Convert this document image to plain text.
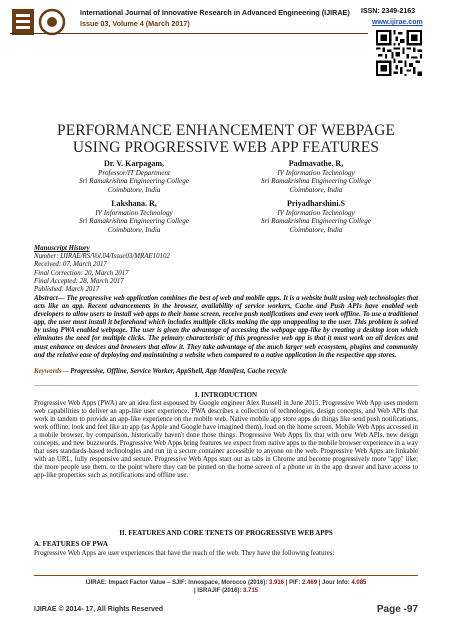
International Journal of Innovative Research in Advanced Engineering (IJIRAE)
Issue 03, Volume 4 (March 2017)
ISSN: 2349-2163
www.ijirae.com
PERFORMANCE ENHANCEMENT OF WEBPAGE
USING PROGRESSIVE WEB APP FEATURES
Dr. V. Karpagam,
Professor/IT Department
Sri Ramakrishna Engineering College
Coimbatore, India
Padmavathe. R,
IV Information Technology
Sri Ramakrishna Engineering College
Coimbatore, India
Lakshana. R,
IV Information Technology
Sri Ramakrishna Engineering College
Coimbatore, India
Priyadharshini.S
IV Information Technology
Sri Ramakrishna Engineering College
Coimbatore, India
Manuscript History
Number: IJIRAE/RS/Vol.04/Issue03/MRAE10102
Received: 07, March 2017
Final Correction: 20, March 2017
Final Accepted: 28, March 2017
Published: March 2017
Abstract— The progressive web application combines the best of web and mobile apps. It is a website built using web technologies that acts like an app. Recent advancements in the browser, availability of service workers, Cache and Push APIs have enabled web developers to allow users to install web apps to their home screen, receive push notifications and even work offline. To use a traditional app, the user must install it beforehand which includes multiple clicks making the app unappealing to the user. This problem is solved by using PWA enabled webpage. The user is given the advantage of accessing the webpage app-like by creating a desktop icon which eliminates the need for multiple clicks. The primary characteristic of this progressive web app is that it must work on all devices and must enhance on devices and browsers that allow it. They take advantage of the much larger web ecosystem, plugins and community and the relative ease of deploying and maintaining a website when compared to a native application in the respective app stores.
Keywords— Progressive, Offline, Service Worker, AppShell, App Manifest, Cache recycle
I. INTRODUCTION
Progressive Web Apps (PWA) are an idea first espoused by Google engineer Alex Russell in June 2015. Progressive Web App uses modern web capabilities to deliver an app-like user experience. PWA describes a collection of technologies, design concepts, and Web APIs that work in tandem to provide an app-like experience on the mobile web. Native mobile app store apps do things like send push notifications, work offline, look and feel like an app (as Apple and Google have imagined them), load on the home screen. Mobile Web Apps accessed in a mobile browser, by comparison, historically haven't done those things. Progressive Web Apps fix that with new Web APIs, new design concepts, and new buzzwords. Progressive Web Apps bring features we expect from native apps to the mobile browser experience in a way that uses standards-based technologies and run in a secure container accessible to anyone on the web. Progressive Web Apps are linkable with an URL, fully responsive and secure. Progressive Web Apps start out as tabs in Chrome and become progressively more "app" like; the more people use them, to the point where they can be pinned on the home screen of a phone or in the app drawer and have access to app-like properties such as notifications and offline use.
II. FEATURES AND CORE TENETS OF PROGRESSIVE WEB APPS
A. FEATURES OF PWA
Progressive Web Apps are user experiences that have the reach of the web. They have the following features:
IJIRAE: Impact Factor Value – SJIF: Innospace, Morocco (2016): 3.916 | PIF: 2.469 | Jour Info: 4.085
| ISRAJIF (2016): 3.715
IJIRAE © 2014- 17, All Rights Reserved	Page -97
